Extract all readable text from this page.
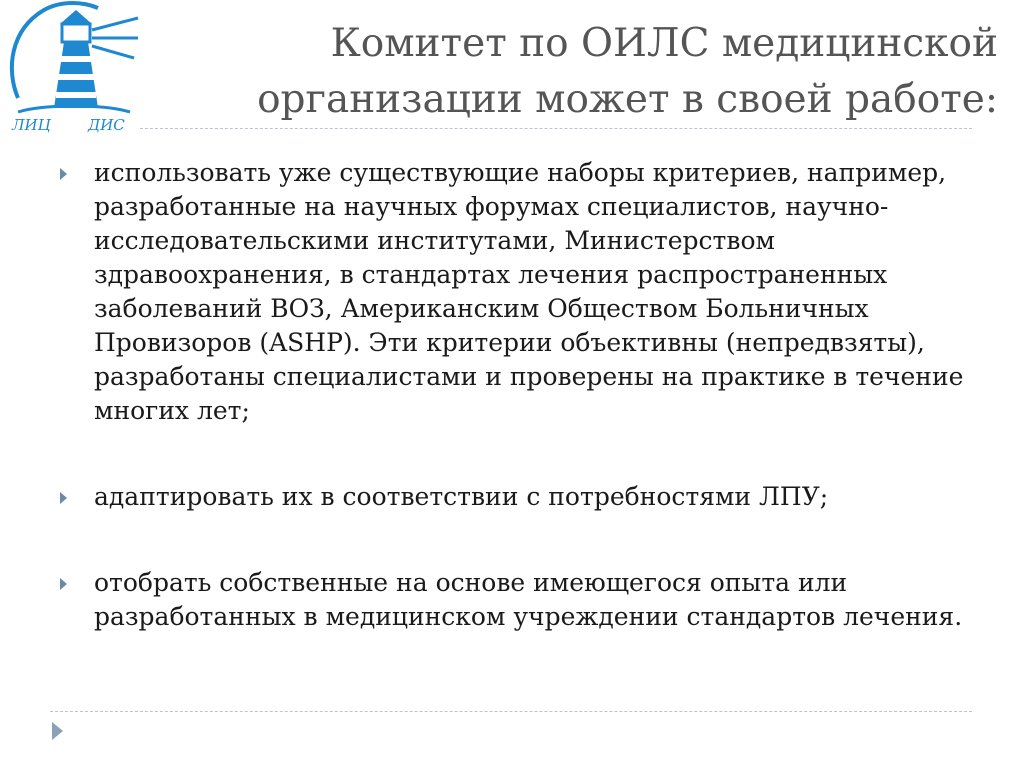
ЛИЦ ДИС
Комитет по ОИЛС медицинской
организации может в своей работе:
использовать уже существующие наборы критериев, например, разработанные на научных форумах специалистов, научно-исследовательскими институтами, Министерством здравоохранения, в стандартах лечения распространенных заболеваний ВОЗ, Американским Обществом Больничных Провизоров (ASHP). Эти критерии объективны (непредвзяты), разработаны специалистами и проверены на практике в течение многих лет;
адаптировать их в соответствии с потребностями ЛПУ;
отобрать собственные на основе имеющегося опыта или разработанных в медицинском учреждении стандартов лечения.
